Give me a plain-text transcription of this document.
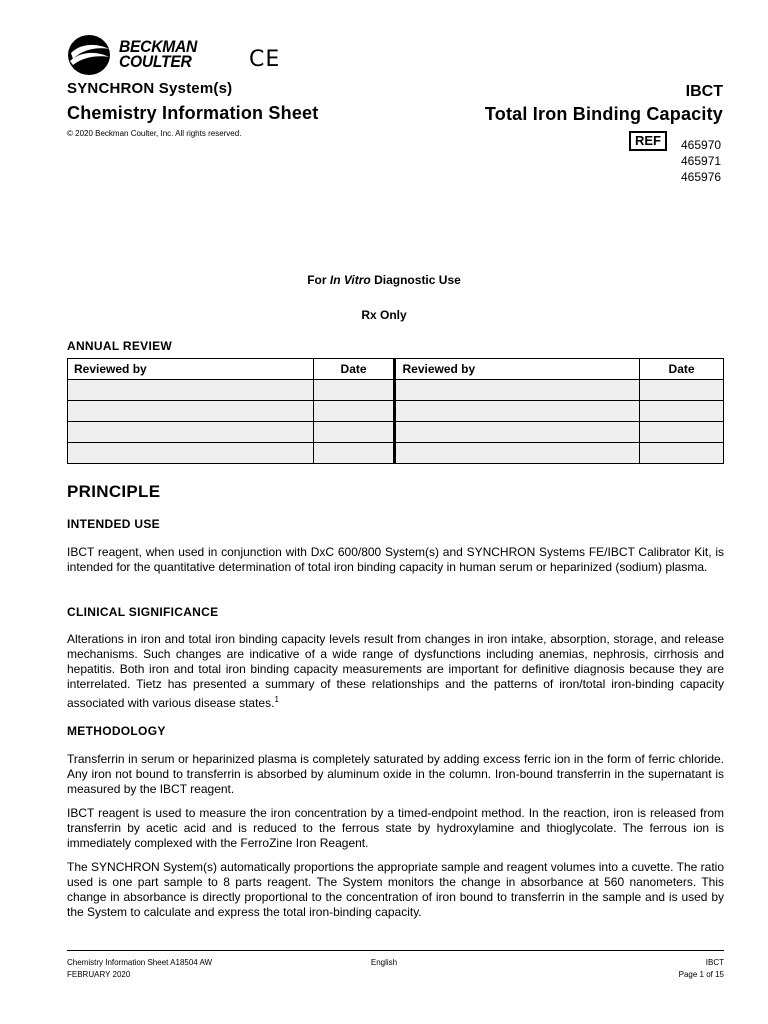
BECKMAN
COULTER	CE
SYNCHRON System(s)
Chemistry Information Sheet
© 2020 Beckman Coulter, Inc. All rights reserved.
IBCT
Total Iron Binding Capacity
REF	465970
465971
465976
For In Vitro Diagnostic Use
Rx Only
ANNUAL REVIEW
Reviewed by	Date	Reviewed by	Date

PRINCIPLE
INTENDED USE
IBCT reagent, when used in conjunction with DxC 600/800 System(s) and SYNCHRON Systems FE/IBCT Calibrator Kit, is intended for the quantitative determination of total iron binding capacity in human serum or heparinized (sodium) plasma.
CLINICAL SIGNIFICANCE
Alterations in iron and total iron binding capacity levels result from changes in iron intake, absorption, storage, and release mechanisms. Such changes are indicative of a wide range of dysfunctions including anemias, nephrosis, cirrhosis and hepatitis. Both iron and total iron binding capacity measurements are important for definitive diagnosis because they are interrelated. Tietz has presented a summary of these relationships and the patterns of iron/total iron-binding capacity associated with various disease states.$^1$
METHODOLOGY
Transferrin in serum or heparinized plasma is completely saturated by adding excess ferric ion in the form of ferric chloride. Any iron not bound to transferrin is absorbed by aluminum oxide in the column. Iron-bound transferrin in the supernatant is measured by the IBCT reagent.
IBCT reagent is used to measure the iron concentration by a timed-endpoint method. In the reaction, iron is released from transferrin by acetic acid and is reduced to the ferrous state by hydroxylamine and thioglycolate. The ferrous ion is immediately complexed with the FerroZine Iron Reagent.
The SYNCHRON System(s) automatically proportions the appropriate sample and reagent volumes into a cuvette. The ratio used is one part sample to 8 parts reagent. The System monitors the change in absorbance at 560 nanometers. This change in absorbance is directly proportional to the concentration of iron bound to transferrin in the sample and is used by the System to calculate and express the total iron-binding capacity.
Chemistry Information Sheet A18504 AW
FEBRUARY 2020
English	IBCT
Page 1 of 15
